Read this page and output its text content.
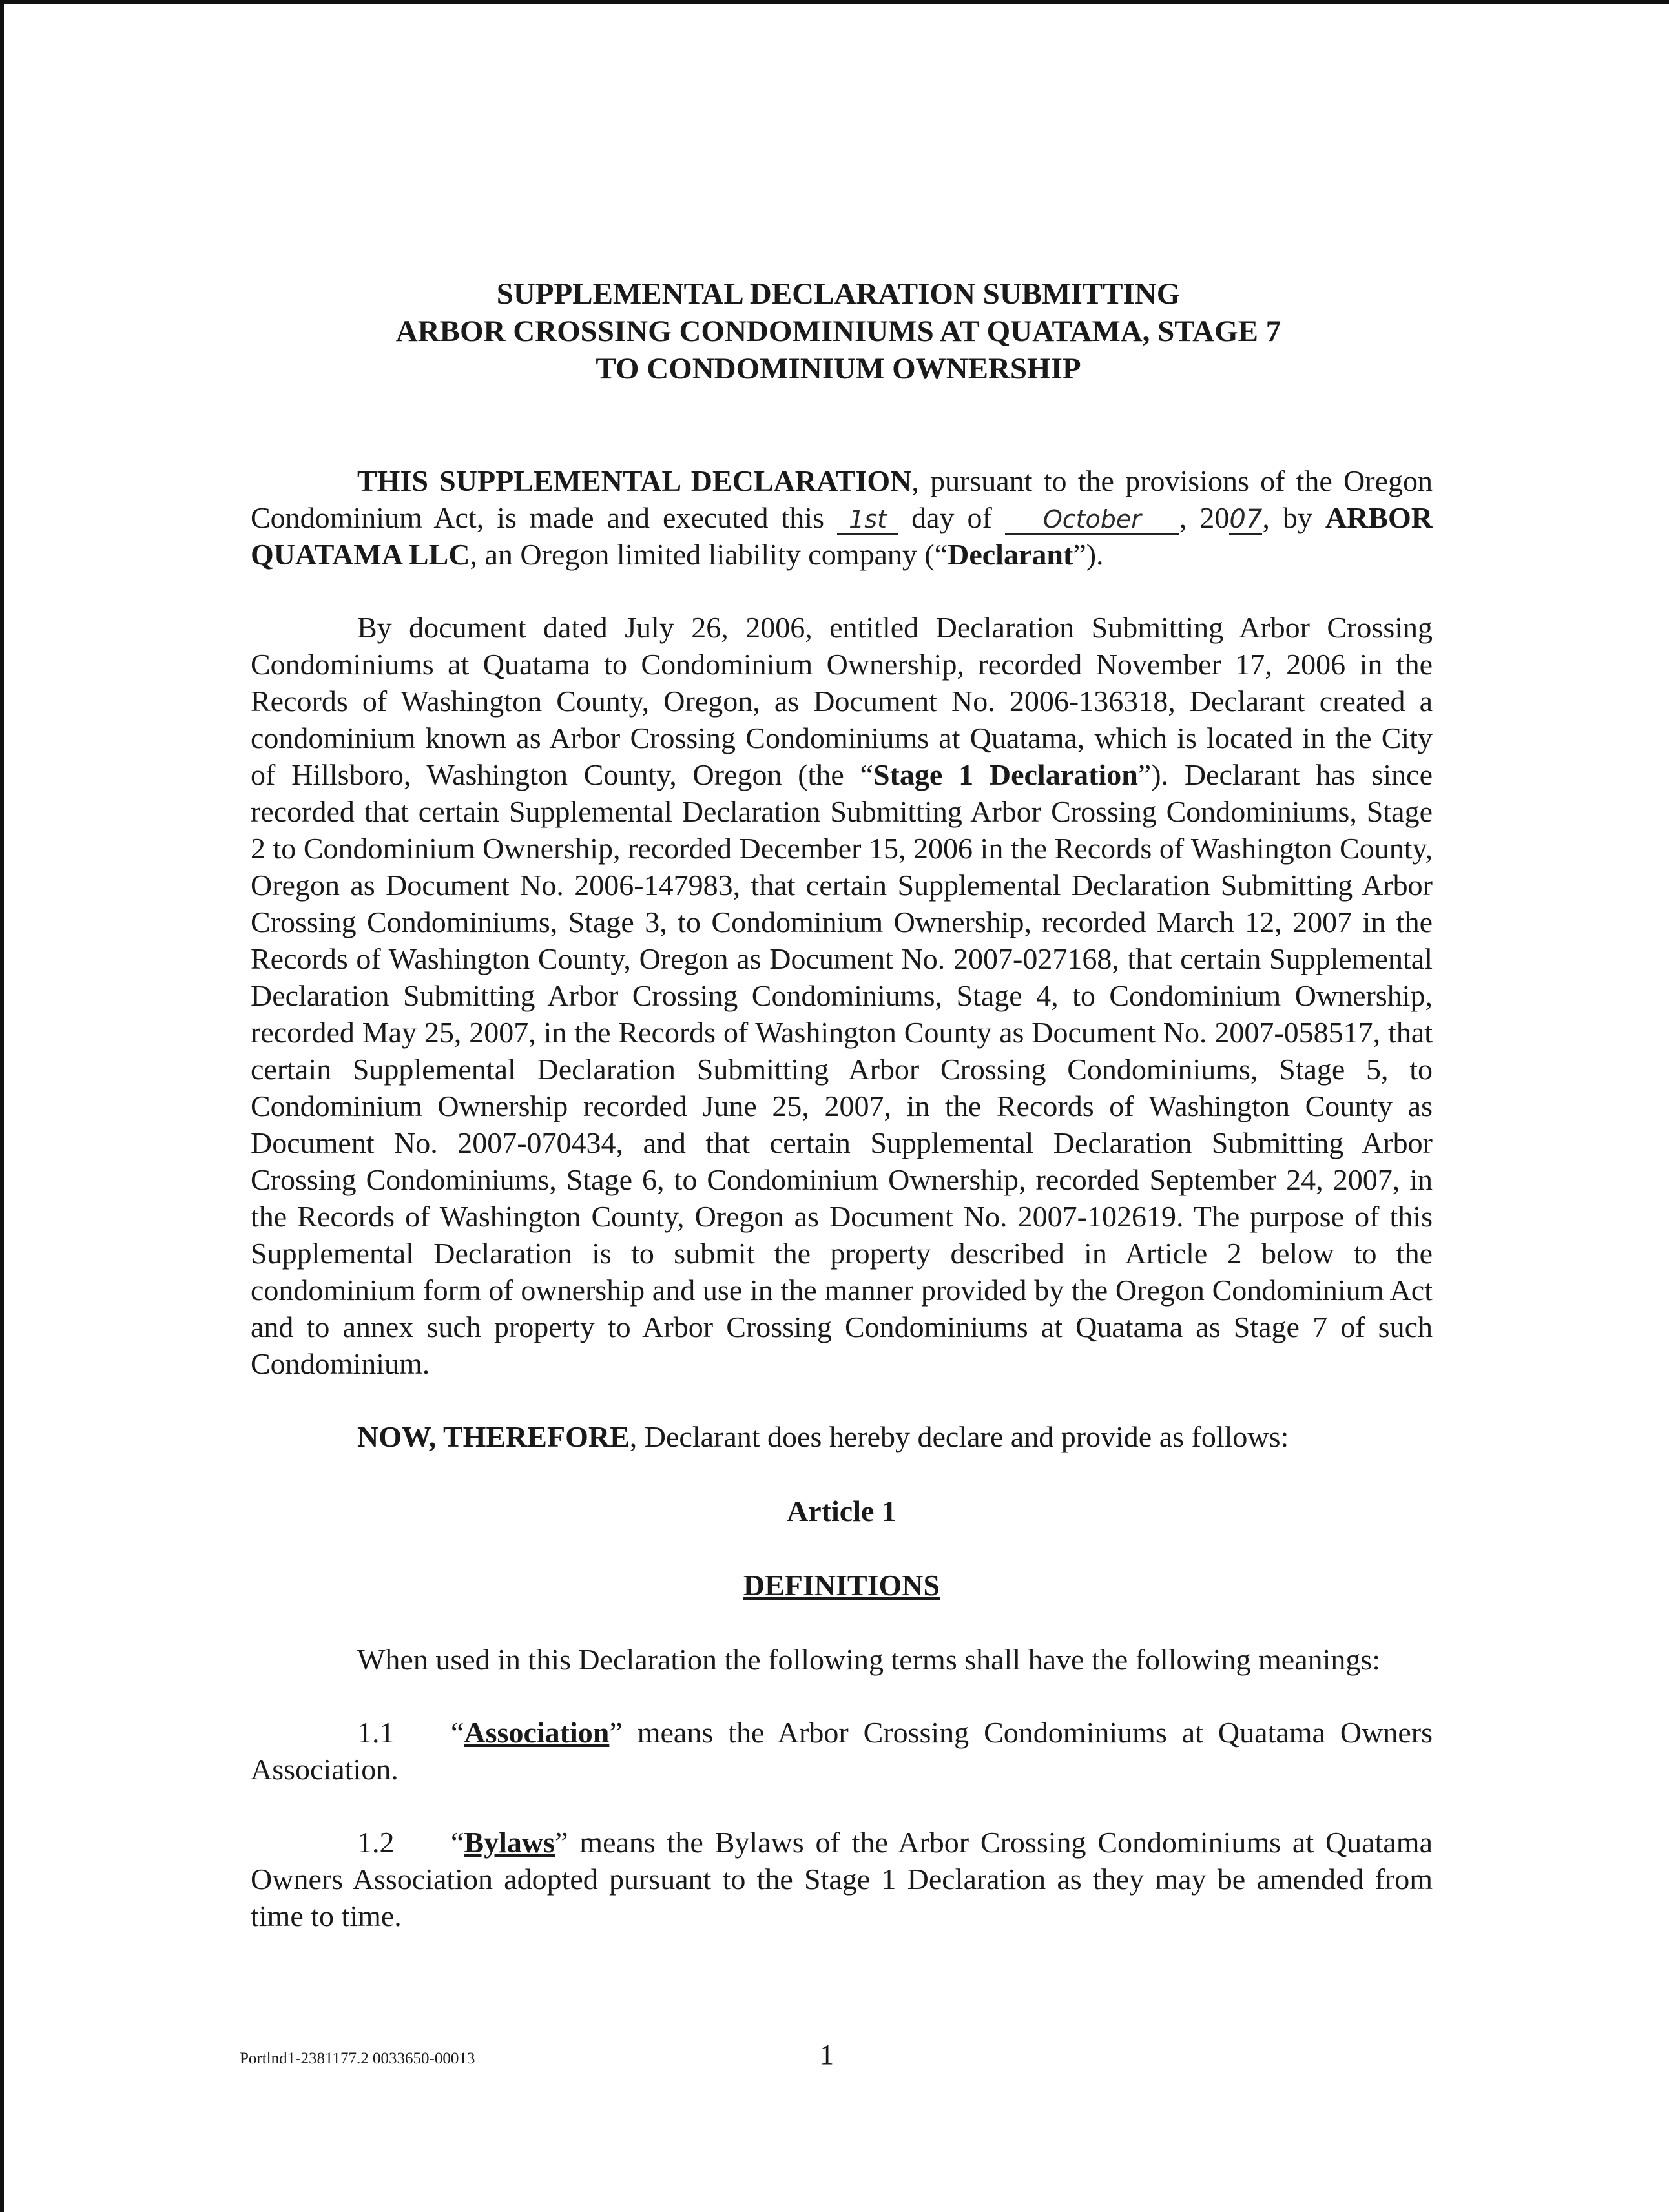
SUPPLEMENTAL DECLARATION SUBMITTING
ARBOR CROSSING CONDOMINIUMS AT QUATAMA, STAGE 7
TO CONDOMINIUM OWNERSHIP

THIS SUPPLEMENTAL DECLARATION, pursuant to the provisions of the Oregon Condominium Act, is made and executed this 1st day of October , 2007, by ARBOR QUATAMA LLC, an Oregon limited liability company (“Declarant”).

By document dated July 26, 2006, entitled Declaration Submitting Arbor Crossing Condominiums at Quatama to Condominium Ownership, recorded November 17, 2006 in the Records of Washington County, Oregon, as Document No. 2006-136318, Declarant created a condominium known as Arbor Crossing Condominiums at Quatama, which is located in the City of Hillsboro, Washington County, Oregon (the “Stage 1 Declaration”). Declarant has since recorded that certain Supplemental Declaration Submitting Arbor Crossing Condominiums, Stage 2 to Condominium Ownership, recorded December 15, 2006 in the Records of Washington County, Oregon as Document No. 2006-147983, that certain Supplemental Declaration Submitting Arbor Crossing Condominiums, Stage 3, to Condominium Ownership, recorded March 12, 2007 in the Records of Washington County, Oregon as Document No. 2007-027168, that certain Supplemental Declaration Submitting Arbor Crossing Condominiums, Stage 4, to Condominium Ownership, recorded May 25, 2007, in the Records of Washington County as Document No. 2007-058517, that certain Supplemental Declaration Submitting Arbor Crossing Condominiums, Stage 5, to Condominium Ownership recorded June 25, 2007, in the Records of Washington County as Document No. 2007-070434, and that certain Supplemental Declaration Submitting Arbor Crossing Condominiums, Stage 6, to Condominium Ownership, recorded September 24, 2007, in the Records of Washington County, Oregon as Document No. 2007-102619. The purpose of this Supplemental Declaration is to submit the property described in Article 2 below to the condominium form of ownership and use in the manner provided by the Oregon Condominium Act and to annex such property to Arbor Crossing Condominiums at Quatama as Stage 7 of such Condominium.

NOW, THEREFORE, Declarant does hereby declare and provide as follows:

Article 1

DEFINITIONS

When used in this Declaration the following terms shall have the following meanings:

1.1 “Association” means the Arbor Crossing Condominiums at Quatama Owners Association.

1.2 “Bylaws” means the Bylaws of the Arbor Crossing Condominiums at Quatama Owners Association adopted pursuant to the Stage 1 Declaration as they may be amended from time to time.

Portlnd1-2381177.2 0033650-00013	1
